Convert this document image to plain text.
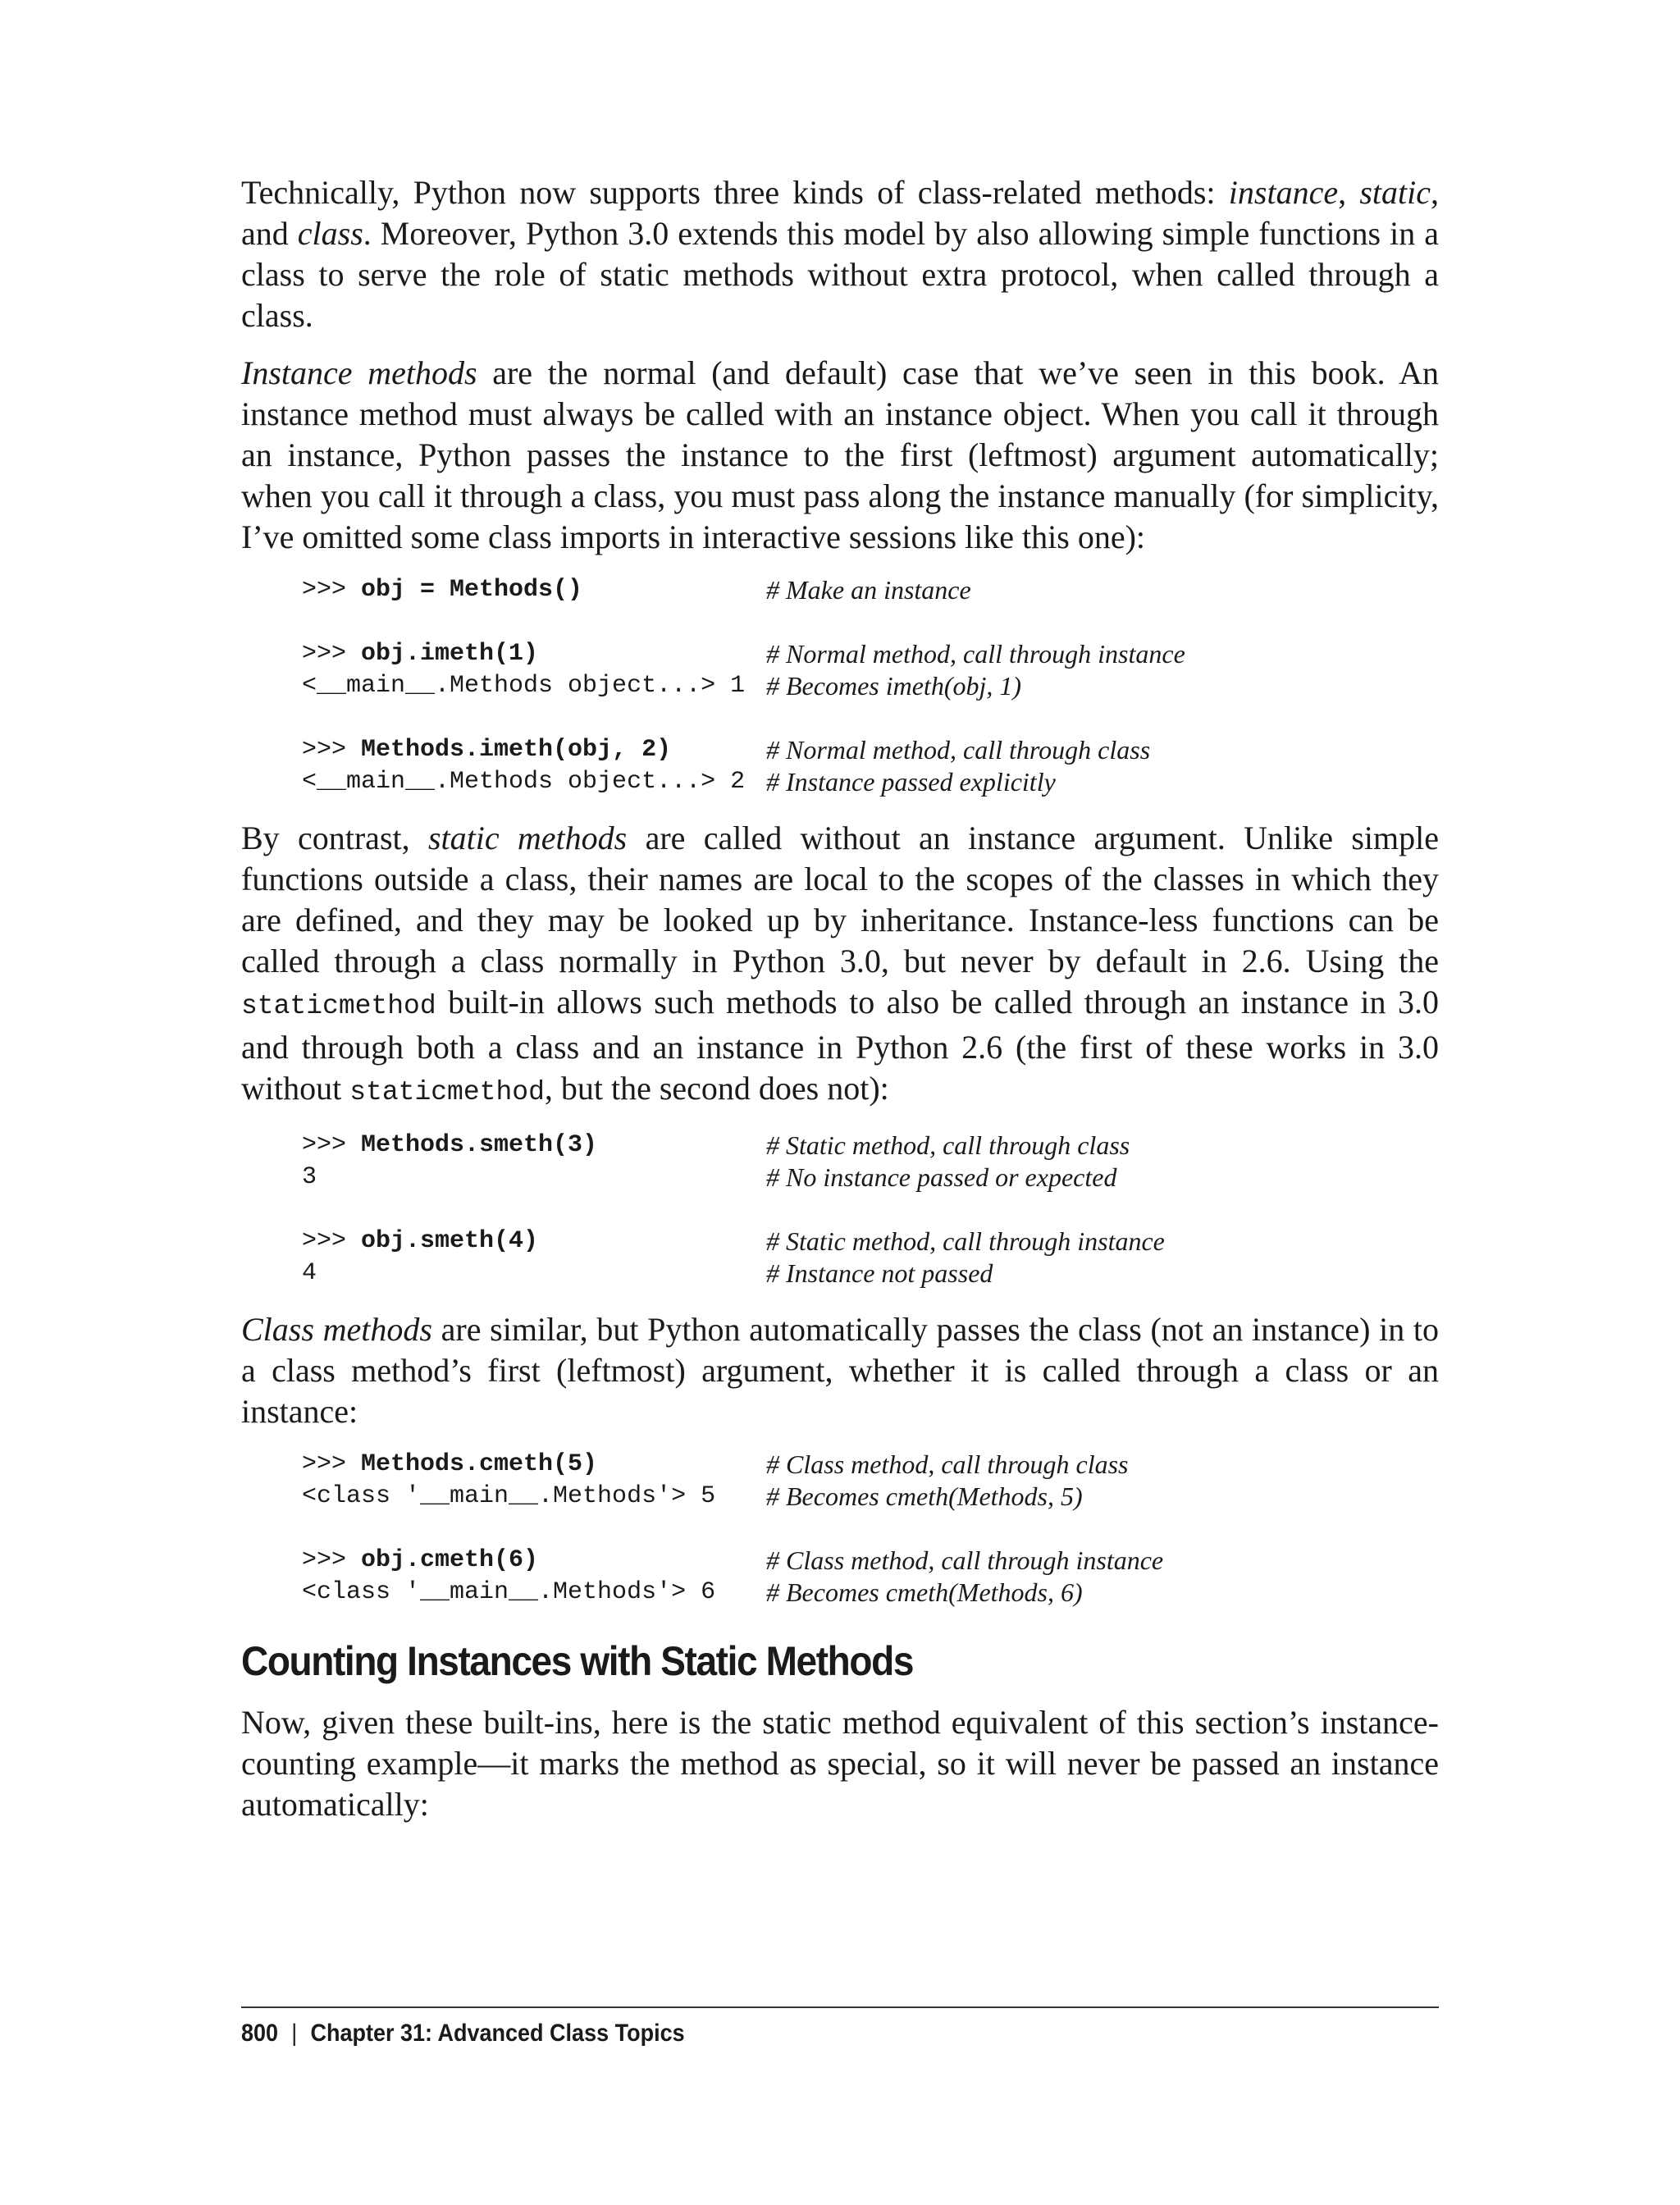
Technically, Python now supports three kinds of class-related methods: instance, static, and class. Moreover, Python 3.0 extends this model by also allowing simple functions in a class to serve the role of static methods without extra protocol, when called through a class.

Instance methods are the normal (and default) case that we’ve seen in this book. An instance method must always be called with an instance object. When you call it through an instance, Python passes the instance to the first (leftmost) argument automatically; when you call it through a class, you must pass along the instance manually (for simplicity, I’ve omitted some class imports in interactive sessions like this one):

>>> obj = Methods()	# Make an instance
>>> obj.imeth(1)	# Normal method, call through instance
<__main__.Methods object...> 1 # Becomes imeth(obj, 1)
>>> Methods.imeth(obj, 2)	# Normal method, call through class
<__main__.Methods object...> 2 # Instance passed explicitly

By contrast, static methods are called without an instance argument. Unlike simple functions outside a class, their names are local to the scopes of the classes in which they are defined, and they may be looked up by inheritance. Instance-less functions can be called through a class normally in Python 3.0, but never by default in 2.6. Using the staticmethod built-in allows such methods to also be called through an instance in 3.0 and through both a class and an instance in Python 2.6 (the first of these works in 3.0 without staticmethod, but the second does not):

>>> Methods.smeth(3)	# Static method, call through class
3	# No instance passed or expected
>>> obj.smeth(4)	# Static method, call through instance
4	# Instance not passed

Class methods are similar, but Python automatically passes the class (not an instance) in to a class method’s first (leftmost) argument, whether it is called through a class or an instance:

>>> Methods.cmeth(5)	# Class method, call through class
<class '__main__.Methods'> 5	# Becomes cmeth(Methods, 5)
>>> obj.cmeth(6)	# Class method, call through instance
<class '__main__.Methods'> 6	# Becomes cmeth(Methods, 6)
Counting Instances with Static Methods

Now, given these built-ins, here is the static method equivalent of this section’s instance-counting example—it marks the method as special, so it will never be passed an instance automatically:

800 | Chapter 31: Advanced Class Topics
